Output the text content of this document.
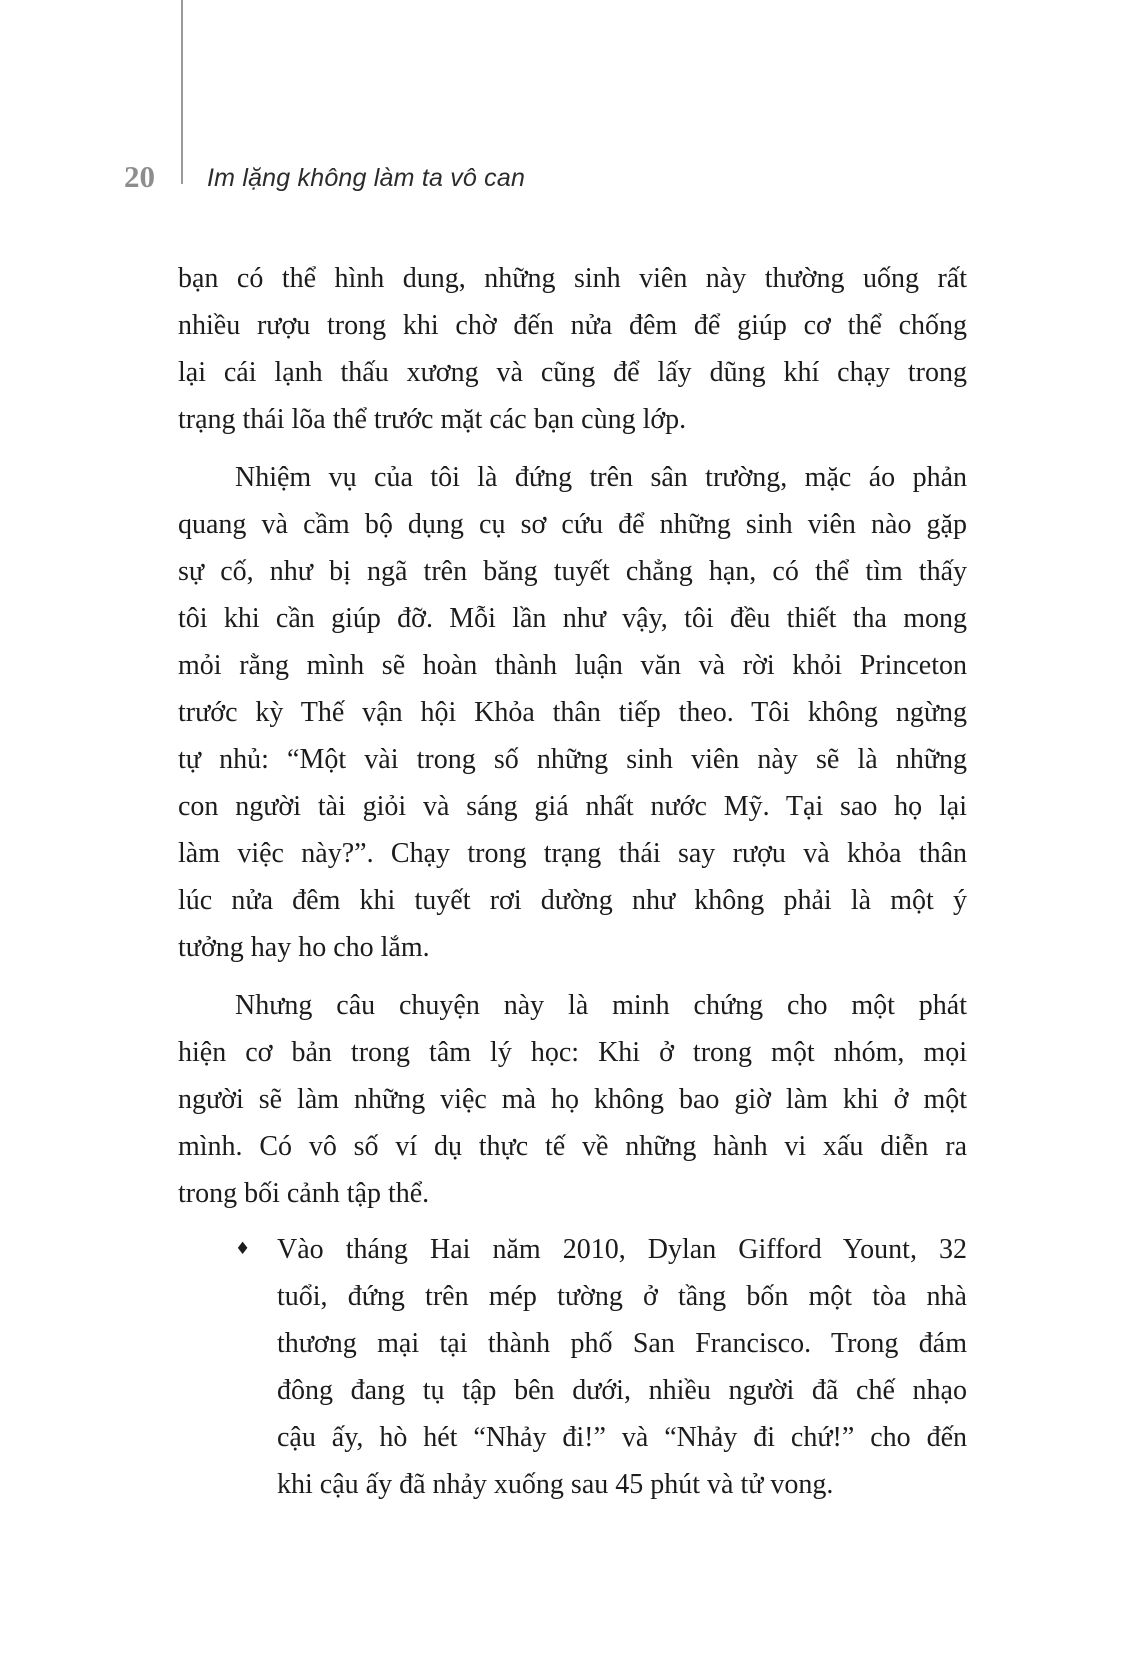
20 Im lặng không làm ta vô can
bạn có thể hình dung, những sinh viên này thường uống rất
nhiều rượu trong khi chờ đến nửa đêm để giúp cơ thể chống
lại cái lạnh thấu xương và cũng để lấy dũng khí chạy trong
trạng thái lõa thể trước mặt các bạn cùng lớp.
Nhiệm vụ của tôi là đứng trên sân trường, mặc áo phản
quang và cầm bộ dụng cụ sơ cứu để những sinh viên nào gặp
sự cố, như bị ngã trên băng tuyết chẳng hạn, có thể tìm thấy
tôi khi cần giúp đỡ. Mỗi lần như vậy, tôi đều thiết tha mong
mỏi rằng mình sẽ hoàn thành luận văn và rời khỏi Princeton
trước kỳ Thế vận hội Khỏa thân tiếp theo. Tôi không ngừng
tự nhủ: “Một vài trong số những sinh viên này sẽ là những
con người tài giỏi và sáng giá nhất nước Mỹ. Tại sao họ lại
làm việc này?”. Chạy trong trạng thái say rượu và khỏa thân
lúc nửa đêm khi tuyết rơi dường như không phải là một ý
tưởng hay ho cho lắm.
Nhưng câu chuyện này là minh chứng cho một phát
hiện cơ bản trong tâm lý học: Khi ở trong một nhóm, mọi
người sẽ làm những việc mà họ không bao giờ làm khi ở một
mình. Có vô số ví dụ thực tế về những hành vi xấu diễn ra
trong bối cảnh tập thể.
♦ Vào tháng Hai năm 2010, Dylan Gifford Yount, 32
tuổi, đứng trên mép tường ở tầng bốn một tòa nhà
thương mại tại thành phố San Francisco. Trong đám
đông đang tụ tập bên dưới, nhiều người đã chế nhạo
cậu ấy, hò hét “Nhảy đi!” và “Nhảy đi chứ!” cho đến
khi cậu ấy đã nhảy xuống sau 45 phút và tử vong.
